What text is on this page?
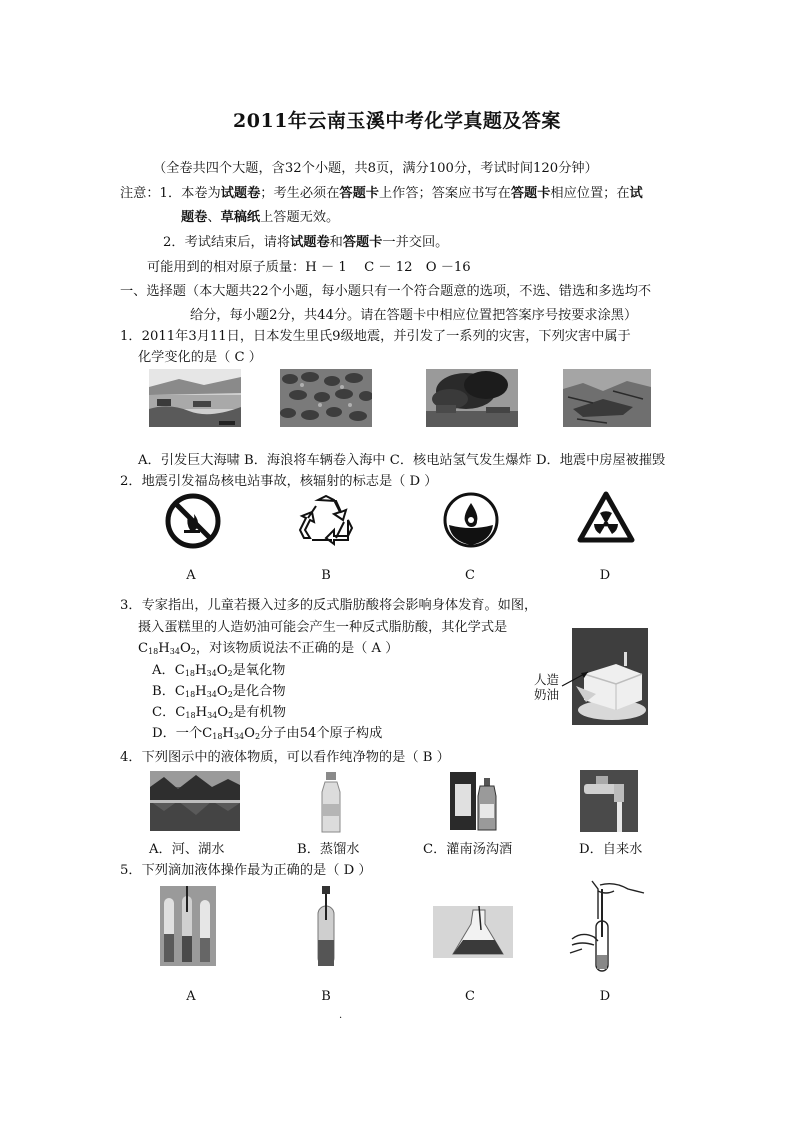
2011年云南玉溪中考化学真题及答案
（全卷共四个大题，含32个小题，共8页，满分100分，考试时间120分钟）
注意：1．本卷为试题卷；考生必须在答题卡上作答；答案应书写在答题卡相应位置；在试
题卷、草稿纸上答题无效。
2．考试结束后，请将试题卷和答题卡一并交回。
可能用到的相对原子质量：H － 1　 C － 12　O －16
一、选择题（本大题共22个小题，每小题只有一个符合题意的选项，不选、错选和多选均不
给分，每小题2分，共44分。请在答题卡中相应位置把答案序号按要求涂黑）
1．2011年3月11日，日本发生里氏9级地震，并引发了一系列的灾害，下列灾害中属于
化学变化的是（ C ）
A．引发巨大海啸 B．海浪将车辆卷入海中 C．核电站氢气发生爆炸 D．地震中房屋被摧毁
2．地震引发福岛核电站事故，核辐射的标志是（ D ）
A	B	C	D
3．专家指出，儿童若摄入过多的反式脂肪酸将会影响身体发育。如图，
摄入蛋糕里的人造奶油可能会产生一种反式脂肪酸，其化学式是
$C_{18}H_{34}O_2$，对该物质说法不正确的是（ A ）
A．$C_{18}H_{34}O_2$是氧化物
B．$C_{18}H_{34}O_2$是化合物
C．$C_{18}H_{34}O_2$是有机物
D．一个$C_{18}H_{34}O_2$分子由54个原子构成
人造
奶油
4．下列图示中的液体物质，可以看作纯净物的是（ B ）
A．河、湖水	B．蒸馏水	C．灌南汤沟酒	D．自来水
5．下列滴加液体操作最为正确的是（ D ）
A	B	C	D
.
